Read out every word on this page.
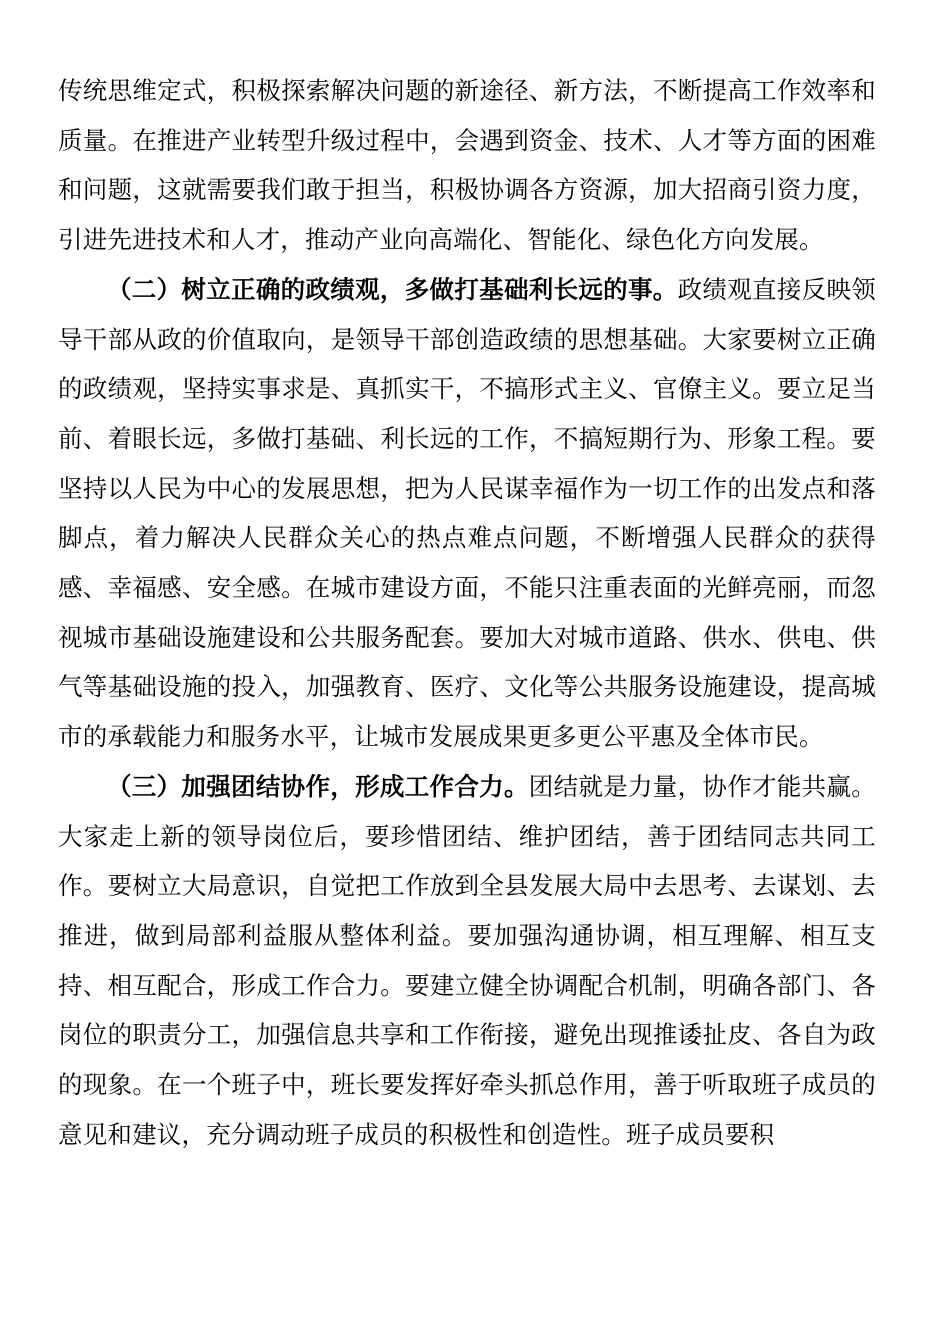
传统思维定式，积极探索解决问题的新途径、新方法，不断提高工作效率和质量。在推进产业转型升级过程中，会遇到资金、技术、人才等方面的困难和问题，这就需要我们敢于担当，积极协调各方资源，加大招商引资力度，引进先进技术和人才，推动产业向高端化、智能化、绿色化方向发展。

（二）树立正确的政绩观，多做打基础利长远的事。政绩观直接反映领导干部从政的价值取向，是领导干部创造政绩的思想基础。大家要树立正确的政绩观，坚持实事求是、真抓实干，不搞形式主义、官僚主义。要立足当前、着眼长远，多做打基础、利长远的工作，不搞短期行为、形象工程。要坚持以人民为中心的发展思想，把为人民谋幸福作为一切工作的出发点和落脚点，着力解决人民群众关心的热点难点问题，不断增强人民群众的获得感、幸福感、安全感。在城市建设方面，不能只注重表面的光鲜亮丽，而忽视城市基础设施建设和公共服务配套。要加大对城市道路、供水、供电、供气等基础设施的投入，加强教育、医疗、文化等公共服务设施建设，提高城市的承载能力和服务水平，让城市发展成果更多更公平惠及全体市民。

（三）加强团结协作，形成工作合力。团结就是力量，协作才能共赢。大家走上新的领导岗位后，要珍惜团结、维护团结，善于团结同志共同工作。要树立大局意识，自觉把工作放到全县发展大局中去思考、去谋划、去推进，做到局部利益服从整体利益。要加强沟通协调，相互理解、相互支持、相互配合，形成工作合力。要建立健全协调配合机制，明确各部门、各岗位的职责分工，加强信息共享和工作衔接，避免出现推诿扯皮、各自为政的现象。在一个班子中，班长要发挥好牵头抓总作用，善于听取班子成员的意见和建议，充分调动班子成员的积极性和创造性。班子成员要积
